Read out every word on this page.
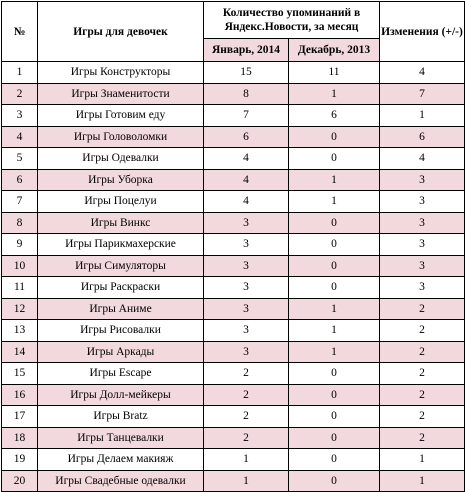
№	Игры для девочек	Количество упоминаний в Яндекс.Новости, за месяц		Изменения (+/-)
		Январь, 2014	Декабрь, 2013	
1	Игры Конструкторы	15	11	4
2	Игры Знаменитости	8	1	7
3	Игры Готовим еду	7	6	1
4	Игры Головоломки	6	0	6
5	Игры Одевалки	4	0	4
6	Игры Уборка	4	1	3
7	Игры Поцелуи	4	1	3
8	Игры Винкс	3	0	3
9	Игры Парикмахерские	3	0	3
10	Игры Симуляторы	3	0	3
11	Игры Раскраски	3	0	3
12	Игры Аниме	3	1	2
13	Игры Рисовалки	3	1	2
14	Игры Аркады	3	1	2
15	Игры Escape	2	0	2
16	Игры Долл-мейкеры	2	0	2
17	Игры Bratz	2	0	2
18	Игры Танцевалки	2	0	2
19	Игры Делаем макияж	1	0	1
20	Игры Свадебные одевалки	1	0	1
